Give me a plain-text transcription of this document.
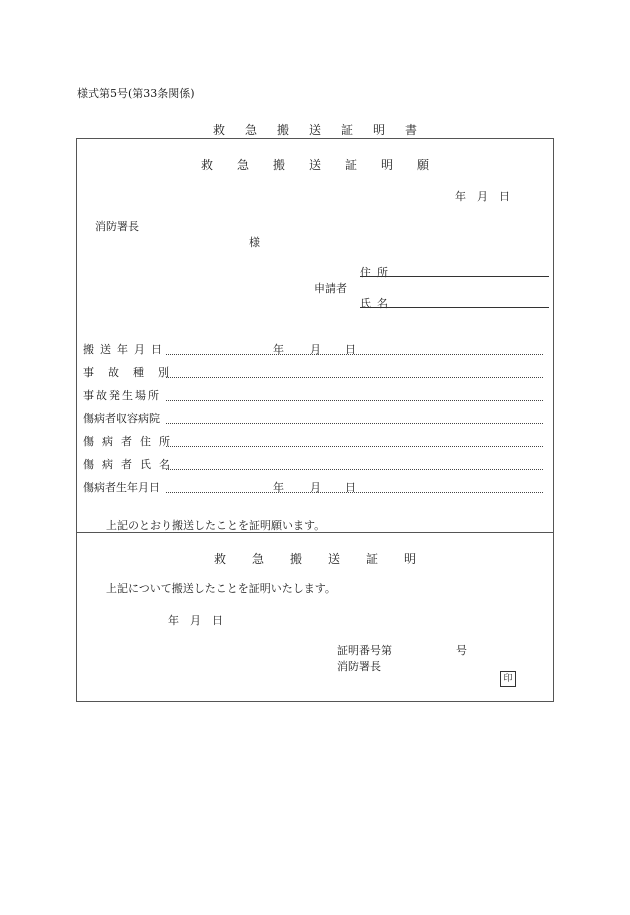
様式第5号(第33条関係)
救急搬送証明書
救急搬送証明願
年　月　日
消防署長
様
申請者
住所
氏名
搬送年月日	年 月 日
事故種別
事故発生場所
傷病者収容病院
傷病者住所
傷病者氏名
傷病者生年月日	年 月 日
上記のとおり搬送したことを証明願います。
救急搬送証明
上記について搬送したことを証明いたします。
年　月　日
証明番号第	号
消防署長
印
